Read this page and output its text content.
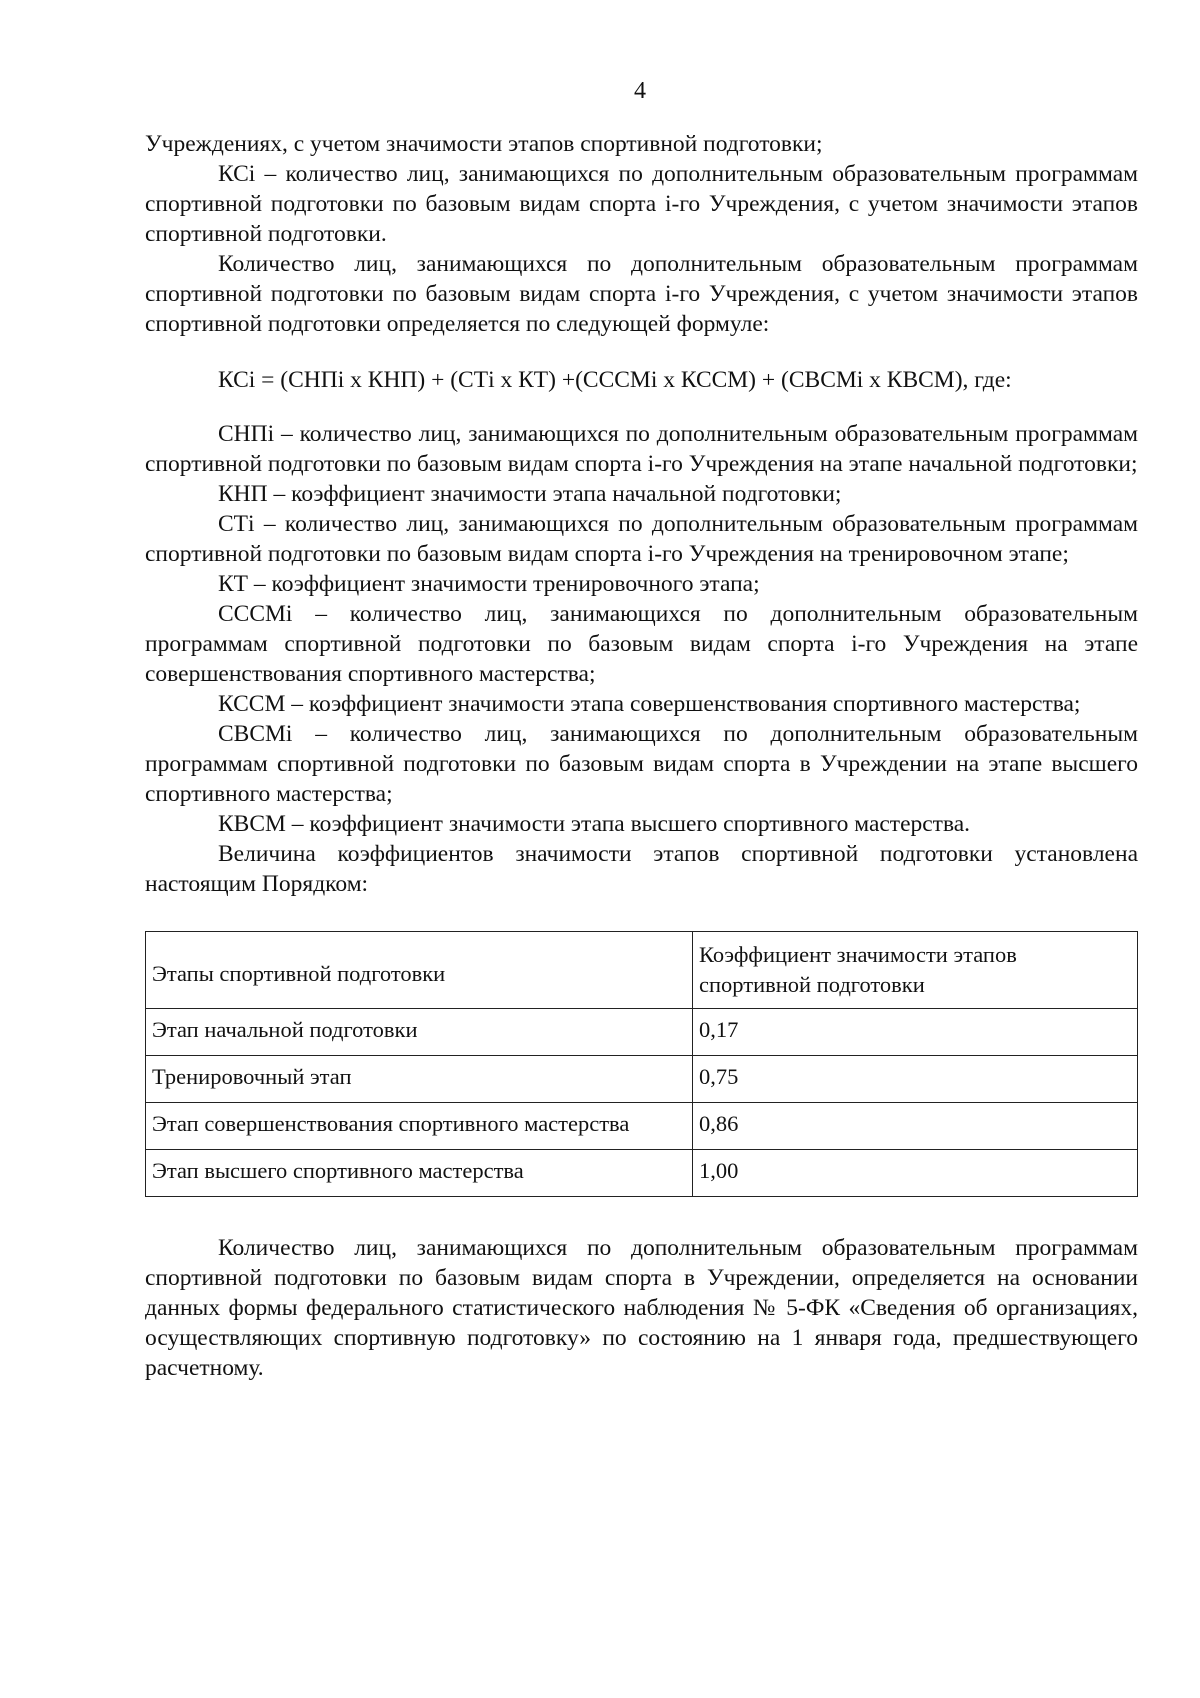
4

Учреждениях, с учетом значимости этапов спортивной подготовки;

КСi – количество лиц, занимающихся по дополнительным образовательным программам спортивной подготовки по базовым видам спорта i-го Учреждения, с учетом значимости этапов спортивной подготовки.

Количество лиц, занимающихся по дополнительным образовательным программам спортивной подготовки по базовым видам спорта i-го Учреждения, с учетом значимости этапов спортивной подготовки определяется по следующей формуле:

КСi = (СНПi х КНП) + (СТi х КТ) +(СССМi х КССМ) + (СВСМi х КВСМ), где:

СНПi – количество лиц, занимающихся по дополнительным образовательным программам спортивной подготовки по базовым видам спорта i-го Учреждения на этапе начальной подготовки;

КНП – коэффициент значимости этапа начальной подготовки;

СТi – количество лиц, занимающихся по дополнительным образовательным программам спортивной подготовки по базовым видам спорта i-го Учреждения на тренировочном этапе;

КТ – коэффициент значимости тренировочного этапа;

СССМi – количество лиц, занимающихся по дополнительным образовательным программам спортивной подготовки по базовым видам спорта i-го Учреждения на этапе совершенствования спортивного мастерства;

КССМ – коэффициент значимости этапа совершенствования спортивного мастерства;

СВСМi – количество лиц, занимающихся по дополнительным образовательным программам спортивной подготовки по базовым видам спорта в Учреждении на этапе высшего спортивного мастерства;

КВСМ – коэффициент значимости этапа высшего спортивного мастерства.

Величина коэффициентов значимости этапов спортивной подготовки установлена настоящим Порядком:

Этапы спортивной подготовки	Коэффициент значимости этапов спортивной подготовки
Этап начальной подготовки	0,17
Тренировочный этап	0,75
Этап совершенствования спортивного мастерства	0,86
Этап высшего спортивного мастерства	1,00

Количество лиц, занимающихся по дополнительным образовательным программам спортивной подготовки по базовым видам спорта в Учреждении, определяется на основании данных формы федерального статистического наблюдения № 5-ФК «Сведения об организациях, осуществляющих спортивную подготовку» по состоянию на 1 января года, предшествующего расчетному.
